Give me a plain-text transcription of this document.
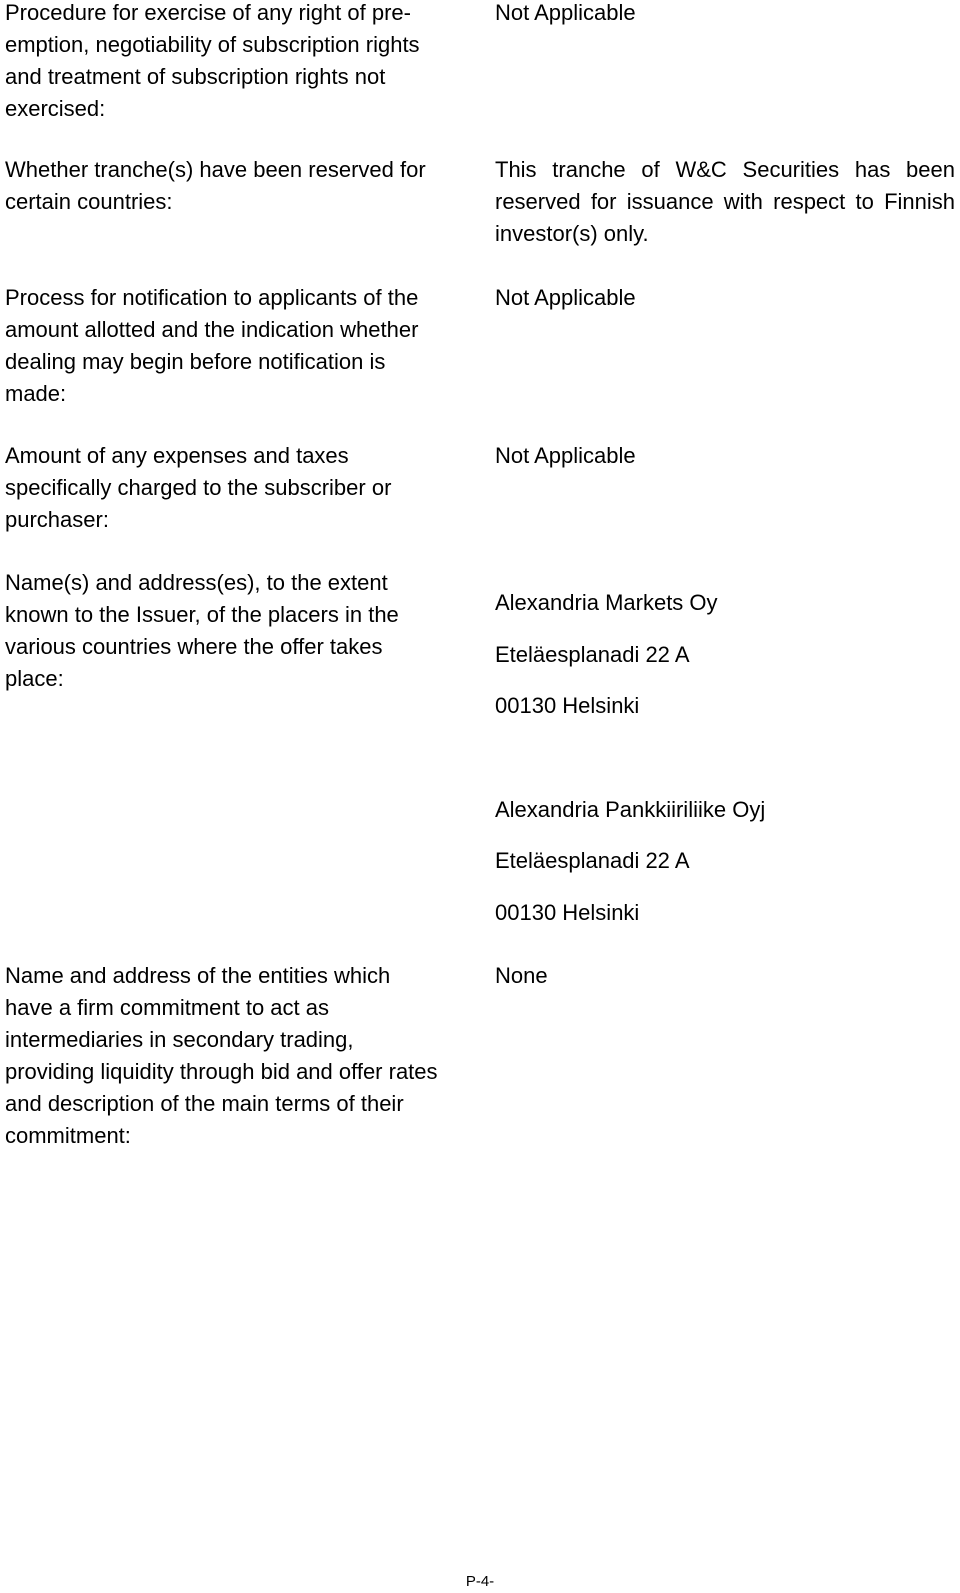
Procedure for exercise of any right of pre-
emption, negotiability of subscription rights
and treatment of subscription rights not
exercised:
Not Applicable
Whether tranche(s) have been reserved for
certain countries:
This tranche of W&C Securities has been reserved for issuance with respect to Finnish investor(s) only.
Process for notification to applicants of the
amount allotted and the indication whether
dealing may begin before notification is
made:
Not Applicable
Amount of any expenses and taxes
specifically charged to the subscriber or
purchaser:
Not Applicable
Name(s) and address(es), to the extent
known to the Issuer, of the placers in the
various countries where the offer takes
place:
Alexandria Markets Oy
Eteläesplanadi 22 A
00130 Helsinki
Alexandria Pankkiiriliike Oyj
Eteläesplanadi 22 A
00130 Helsinki
Name and address of the entities which
have a firm commitment to act as
intermediaries in secondary trading,
providing liquidity through bid and offer rates
and description of the main terms of their
commitment:
None
P-4-
